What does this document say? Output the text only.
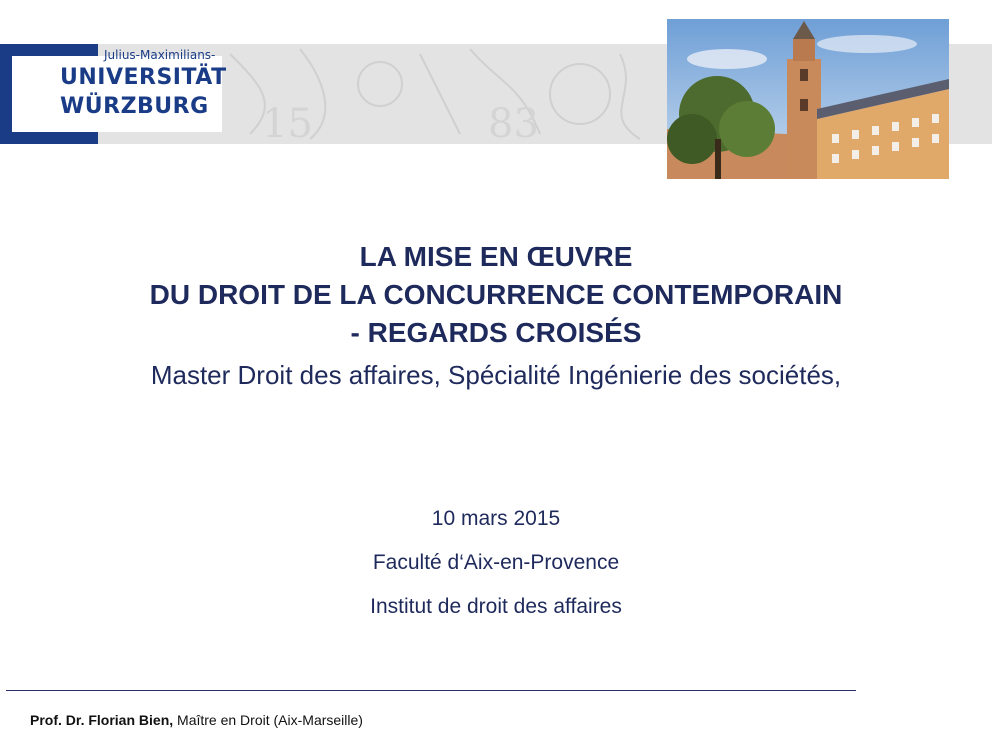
15	83
Julius-Maximilians-
UNIVERSITÄT
WÜRZBURG
LA MISE EN ŒUVRE
DU DROIT DE LA CONCURRENCE CONTEMPORAIN
- REGARDS CROISÉS
Master Droit des affaires, Spécialité Ingénierie des sociétés,
10 mars 2015
Faculté d‘Aix-en-Provence
Institut de droit des affaires
Prof. Dr. Florian Bien, Maître en Droit (Aix-Marseille)
